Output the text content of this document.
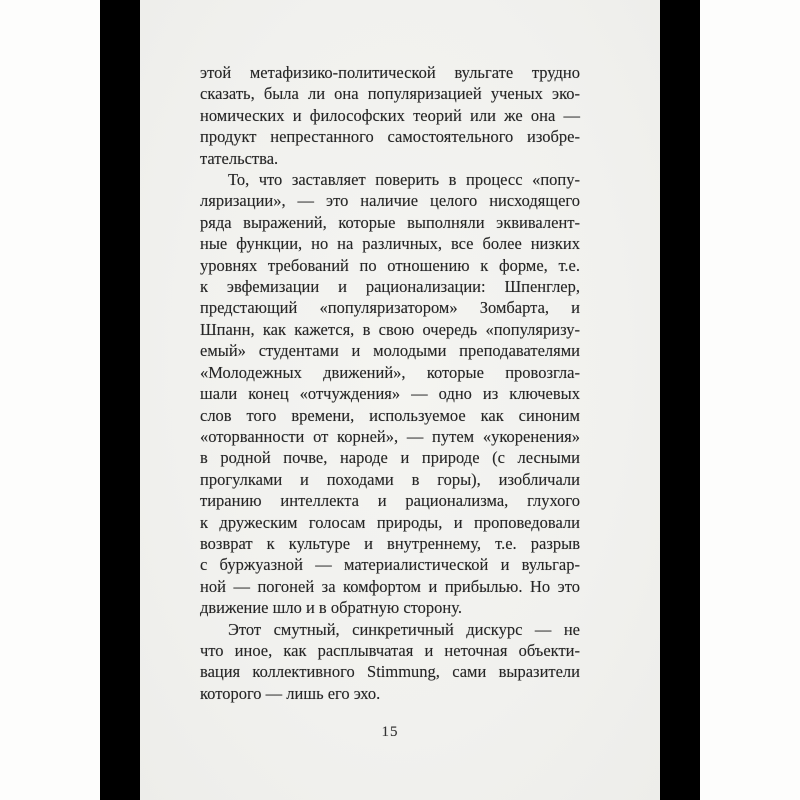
этой метафизико-политической вульгате трудно
сказать, была ли она популяризацией ученых эко-
номических и философских теорий или же она —
продукт непрестанного самостоятельного изобре-
тательства.
То, что заставляет поверить в процесс «попу-
ляризации», — это наличие целого нисходящего
ряда выражений, которые выполняли эквивалент-
ные функции, но на различных, все более низких
уровнях требований по отношению к форме, т.е.
к эвфемизации и рационализации: Шпенглер,
предстающий «популяризатором» Зомбарта, и
Шпанн, как кажется, в свою очередь «популяризу-
емый» студентами и молодыми преподавателями
«Молодежных движений», которые провозгла-
шали конец «отчуждения» — одно из ключевых
слов того времени, используемое как синоним
«оторванности от корней», — путем «укоренения»
в родной почве, народе и природе (с лесными
прогулками и походами в горы), изобличали
тиранию интеллекта и рационализма, глухого
к дружеским голосам природы, и проповедовали
возврат к культуре и внутреннему, т.е. разрыв
с буржуазной — материалистической и вульгар-
ной — погоней за комфортом и прибылью. Но это
движение шло и в обратную сторону.
Этот смутный, синкретичный дискурс — не
что иное, как расплывчатая и неточная объекти-
вация коллективного Stimmung, сами выразители
которого — лишь его эхо.
15
